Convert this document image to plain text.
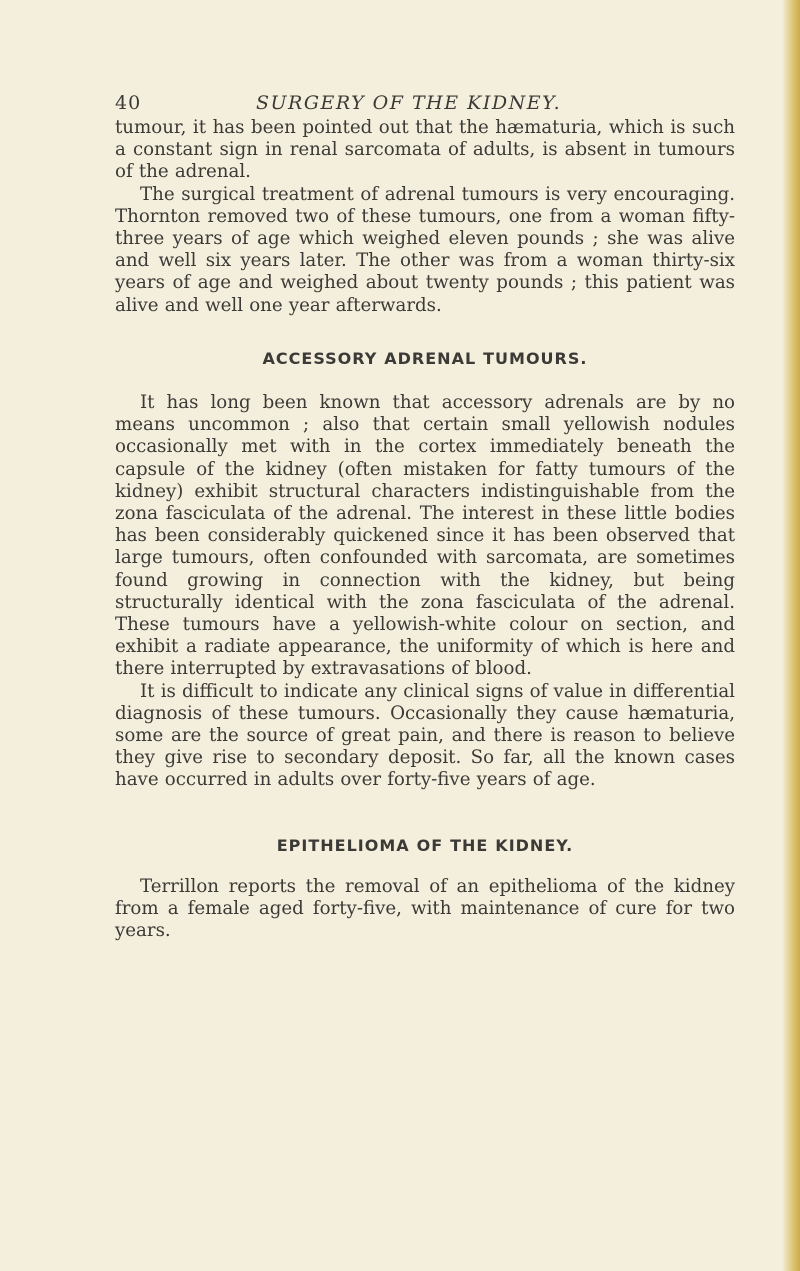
40	SURGERY OF THE KIDNEY.

tumour, it has been pointed out that the hæmaturia, which is such a constant sign in renal sarcomata of adults, is absent in tumours of the adrenal.

The surgical treatment of adrenal tumours is very encouraging. Thornton removed two of these tumours, one from a woman fifty-three years of age which weighed eleven pounds ; she was alive and well six years later. The other was from a woman thirty-six years of age and weighed about twenty pounds ; this patient was alive and well one year afterwards.

ACCESSORY ADRENAL TUMOURS.

It has long been known that accessory adrenals are by no means uncommon ; also that certain small yellowish nodules occasionally met with in the cortex immediately beneath the capsule of the kidney (often mistaken for fatty tumours of the kidney) exhibit structural characters indistinguishable from the zona fasciculata of the adrenal. The interest in these little bodies has been considerably quickened since it has been observed that large tumours, often confounded with sarcomata, are sometimes found growing in connection with the kidney, but being structurally identical with the zona fasciculata of the adrenal. These tumours have a yellowish-white colour on section, and exhibit a radiate appearance, the uniformity of which is here and there interrupted by extravasations of blood.

It is difficult to indicate any clinical signs of value in differential diagnosis of these tumours. Occasionally they cause hæmaturia, some are the source of great pain, and there is reason to believe they give rise to secondary deposit. So far, all the known cases have occurred in adults over forty-five years of age.

EPITHELIOMA OF THE KIDNEY.

Terrillon reports the removal of an epithelioma of the kidney from a female aged forty-five, with maintenance of cure for two years.
